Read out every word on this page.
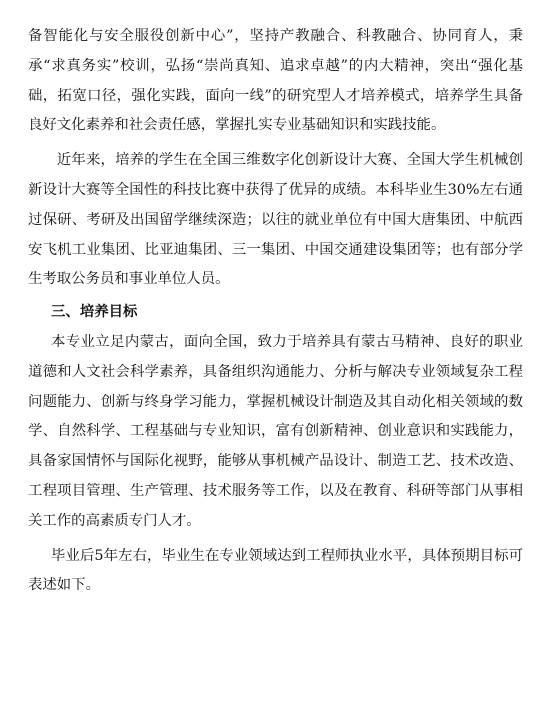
备智能化与安全服役创新中心”，坚持产教融合、科教融合、协同育人，秉承“求真务实”校训，弘扬“崇尚真知、追求卓越”的内大精神，突出“强化基础，拓宽口径，强化实践，面向一线”的研究型人才培养模式，培养学生具备良好文化素养和社会责任感，掌握扎实专业基础知识和实践技能。

近年来，培养的学生在全国三维数字化创新设计大赛、全国大学生机械创新设计大赛等全国性的科技比赛中获得了优异的成绩。本科毕业生30%左右通过保研、考研及出国留学继续深造；以往的就业单位有中国大唐集团、中航西安飞机工业集团、比亚迪集团、三一集团、中国交通建设集团等；也有部分学生考取公务员和事业单位人员。

三、培养目标

本专业立足内蒙古，面向全国，致力于培养具有蒙古马精神、良好的职业道德和人文社会科学素养，具备组织沟通能力、分析与解决专业领域复杂工程问题能力、创新与终身学习能力，掌握机械设计制造及其自动化相关领域的数学、自然科学、工程基础与专业知识，富有创新精神、创业意识和实践能力，具备家国情怀与国际化视野，能够从事机械产品设计、制造工艺、技术改造、工程项目管理、生产管理、技术服务等工作，以及在教育、科研等部门从事相关工作的高素质专门人才。

毕业后5年左右，毕业生在专业领域达到工程师执业水平，具体预期目标可表述如下。
